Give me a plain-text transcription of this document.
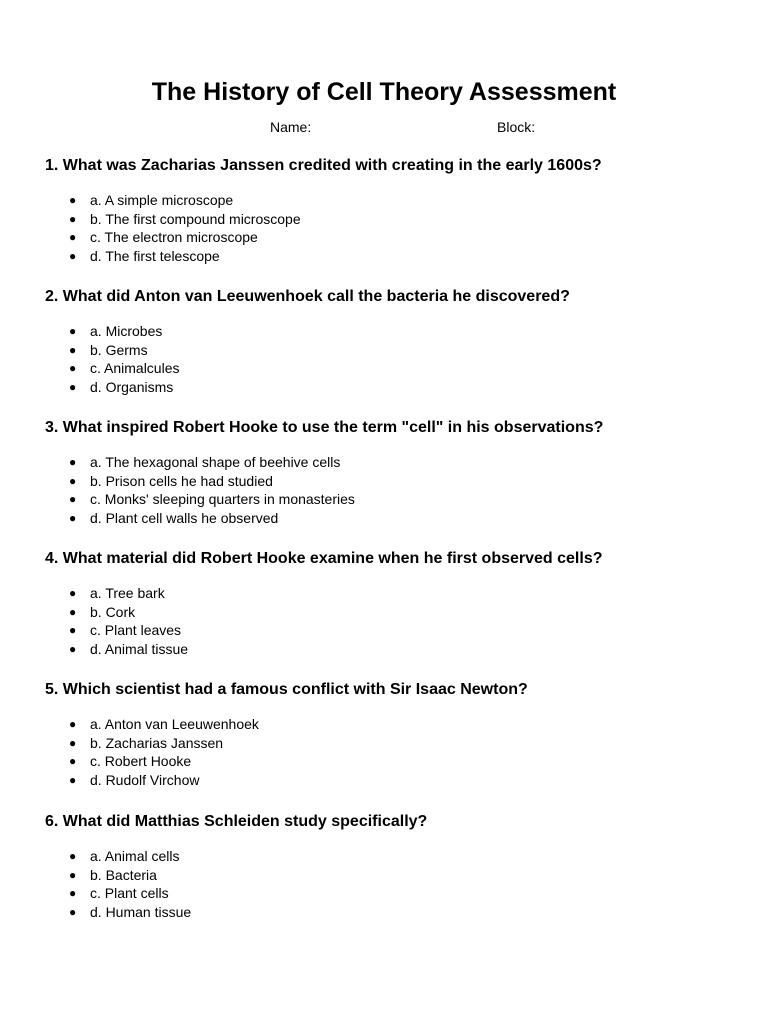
The History of Cell Theory Assessment
Name:	Block:

1. What was Zacharias Janssen credited with creating in the early 1600s?

● a. A simple microscope
● b. The first compound microscope
● c. The electron microscope
● d. The first telescope

2. What did Anton van Leeuwenhoek call the bacteria he discovered?

● a. Microbes
● b. Germs
● c. Animalcules
● d. Organisms

3. What inspired Robert Hooke to use the term "cell" in his observations?

● a. The hexagonal shape of beehive cells
● b. Prison cells he had studied
● c. Monks' sleeping quarters in monasteries
● d. Plant cell walls he observed

4. What material did Robert Hooke examine when he first observed cells?

● a. Tree bark
● b. Cork
● c. Plant leaves
● d. Animal tissue

5. Which scientist had a famous conflict with Sir Isaac Newton?

● a. Anton van Leeuwenhoek
● b. Zacharias Janssen
● c. Robert Hooke
● d. Rudolf Virchow

6. What did Matthias Schleiden study specifically?

● a. Animal cells
● b. Bacteria
● c. Plant cells
● d. Human tissue
